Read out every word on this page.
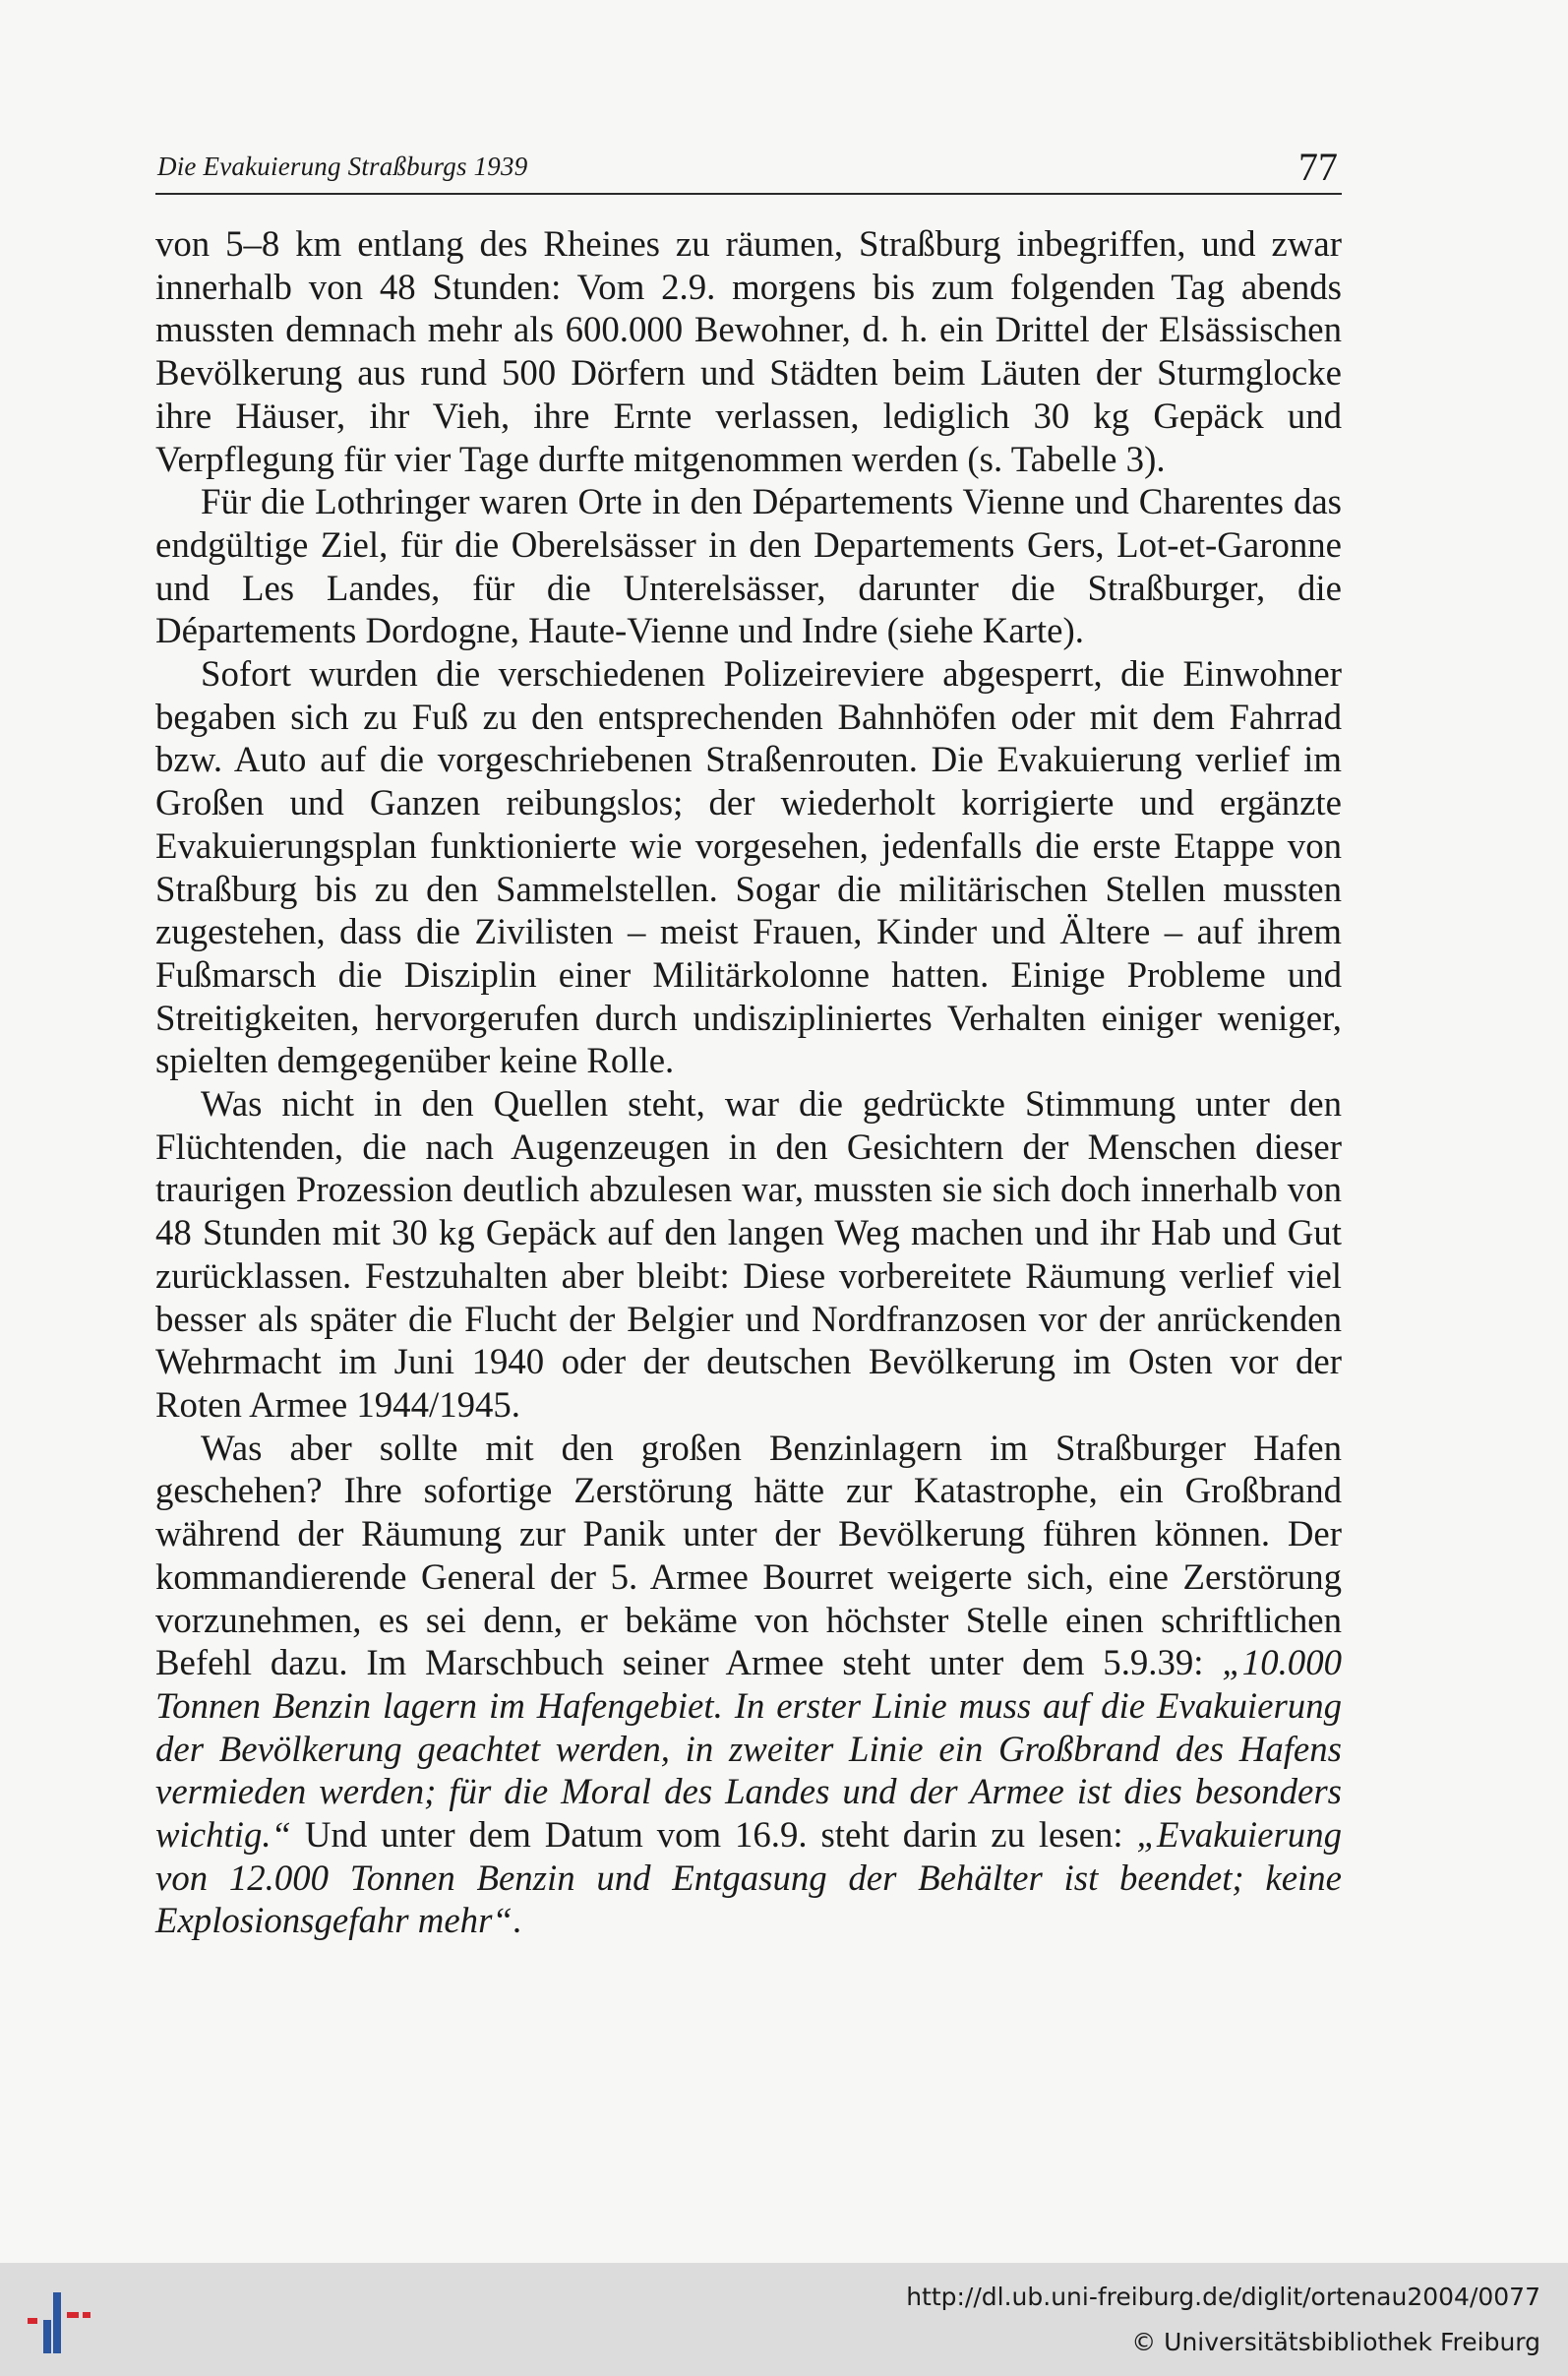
Die Evakuierung Straßburgs 1939	77

von 5–8 km entlang des Rheines zu räumen, Straßburg inbegriffen, und zwar innerhalb von 48 Stunden: Vom 2.9. morgens bis zum folgenden Tag abends mussten demnach mehr als 600.000 Bewohner, d. h. ein Drittel der Elsässischen Bevölkerung aus rund 500 Dörfern und Städten beim Läuten der Sturmglocke ihre Häuser, ihr Vieh, ihre Ernte verlassen, lediglich 30 kg Gepäck und Verpflegung für vier Tage durfte mitgenommen werden (s. Tabelle 3).

Für die Lothringer waren Orte in den Départements Vienne und Charentes das endgültige Ziel, für die Oberelsässer in den Departements Gers, Lot-et-Garonne und Les Landes, für die Unterelsässer, darunter die Straßburger, die Départements Dordogne, Haute-Vienne und Indre (siehe Karte).

Sofort wurden die verschiedenen Polizeireviere abgesperrt, die Einwohner begaben sich zu Fuß zu den entsprechenden Bahnhöfen oder mit dem Fahrrad bzw. Auto auf die vorgeschriebenen Straßenrouten. Die Evakuierung verlief im Großen und Ganzen reibungslos; der wiederholt korrigierte und ergänzte Evakuierungsplan funktionierte wie vorgesehen, jedenfalls die erste Etappe von Straßburg bis zu den Sammelstellen. Sogar die militärischen Stellen mussten zugestehen, dass die Zivilisten – meist Frauen, Kinder und Ältere – auf ihrem Fußmarsch die Disziplin einer Militärkolonne hatten. Einige Probleme und Streitigkeiten, hervorgerufen durch undiszipliniertes Verhalten einiger weniger, spielten demgegenüber keine Rolle.

Was nicht in den Quellen steht, war die gedrückte Stimmung unter den Flüchtenden, die nach Augenzeugen in den Gesichtern der Menschen dieser traurigen Prozession deutlich abzulesen war, mussten sie sich doch innerhalb von 48 Stunden mit 30 kg Gepäck auf den langen Weg machen und ihr Hab und Gut zurücklassen. Festzuhalten aber bleibt: Diese vorbereitete Räumung verlief viel besser als später die Flucht der Belgier und Nordfranzosen vor der anrückenden Wehrmacht im Juni 1940 oder der deutschen Bevölkerung im Osten vor der Roten Armee 1944/1945.

Was aber sollte mit den großen Benzinlagern im Straßburger Hafen geschehen? Ihre sofortige Zerstörung hätte zur Katastrophe, ein Großbrand während der Räumung zur Panik unter der Bevölkerung führen können. Der kommandierende General der 5. Armee Bourret weigerte sich, eine Zerstörung vorzunehmen, es sei denn, er bekäme von höchster Stelle einen schriftlichen Befehl dazu. Im Marschbuch seiner Armee steht unter dem 5.9.39: „10.000 Tonnen Benzin lagern im Hafengebiet. In erster Linie muss auf die Evakuierung der Bevölkerung geachtet werden, in zweiter Linie ein Großbrand des Hafens vermieden werden; für die Moral des Landes und der Armee ist dies besonders wichtig.“ Und unter dem Datum vom 16.9. steht darin zu lesen: „Evakuierung von 12.000 Tonnen Benzin und Entgasung der Behälter ist beendet; keine Explosionsgefahr mehr“.

http://dl.ub.uni-freiburg.de/diglit/ortenau2004/0077
© Universitätsbibliothek Freiburg
